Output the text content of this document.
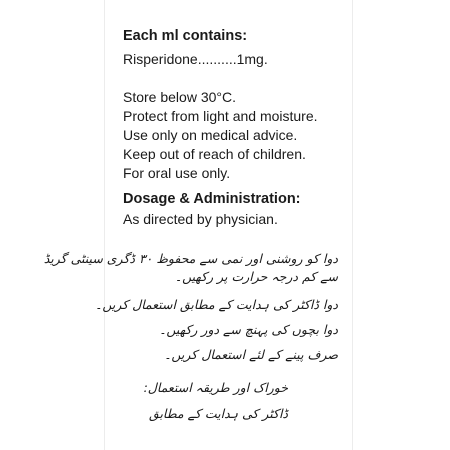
Each ml contains:
Risperidone..........1mg.
Store below 30°C.
Protect from light and moisture.
Use only on medical advice.
Keep out of reach of children.
For oral use only.
Dosage & Administration:
As directed by physician.
دوا کو روشنی اور نمی سے محفوظ ۳۰ ڈگری سینٹی گریڈ
سے کم درجہ حرارت پر رکھیں۔
دوا ڈاکٹر کی ہدایت کے مطابق استعمال کریں۔
دوا بچوں کی پہنچ سے دور رکھیں۔
صرف پینے کے لئے استعمال کریں۔
خوراک اور طریقہ استعمال:
ڈاکٹر کی ہدایت کے مطابق
